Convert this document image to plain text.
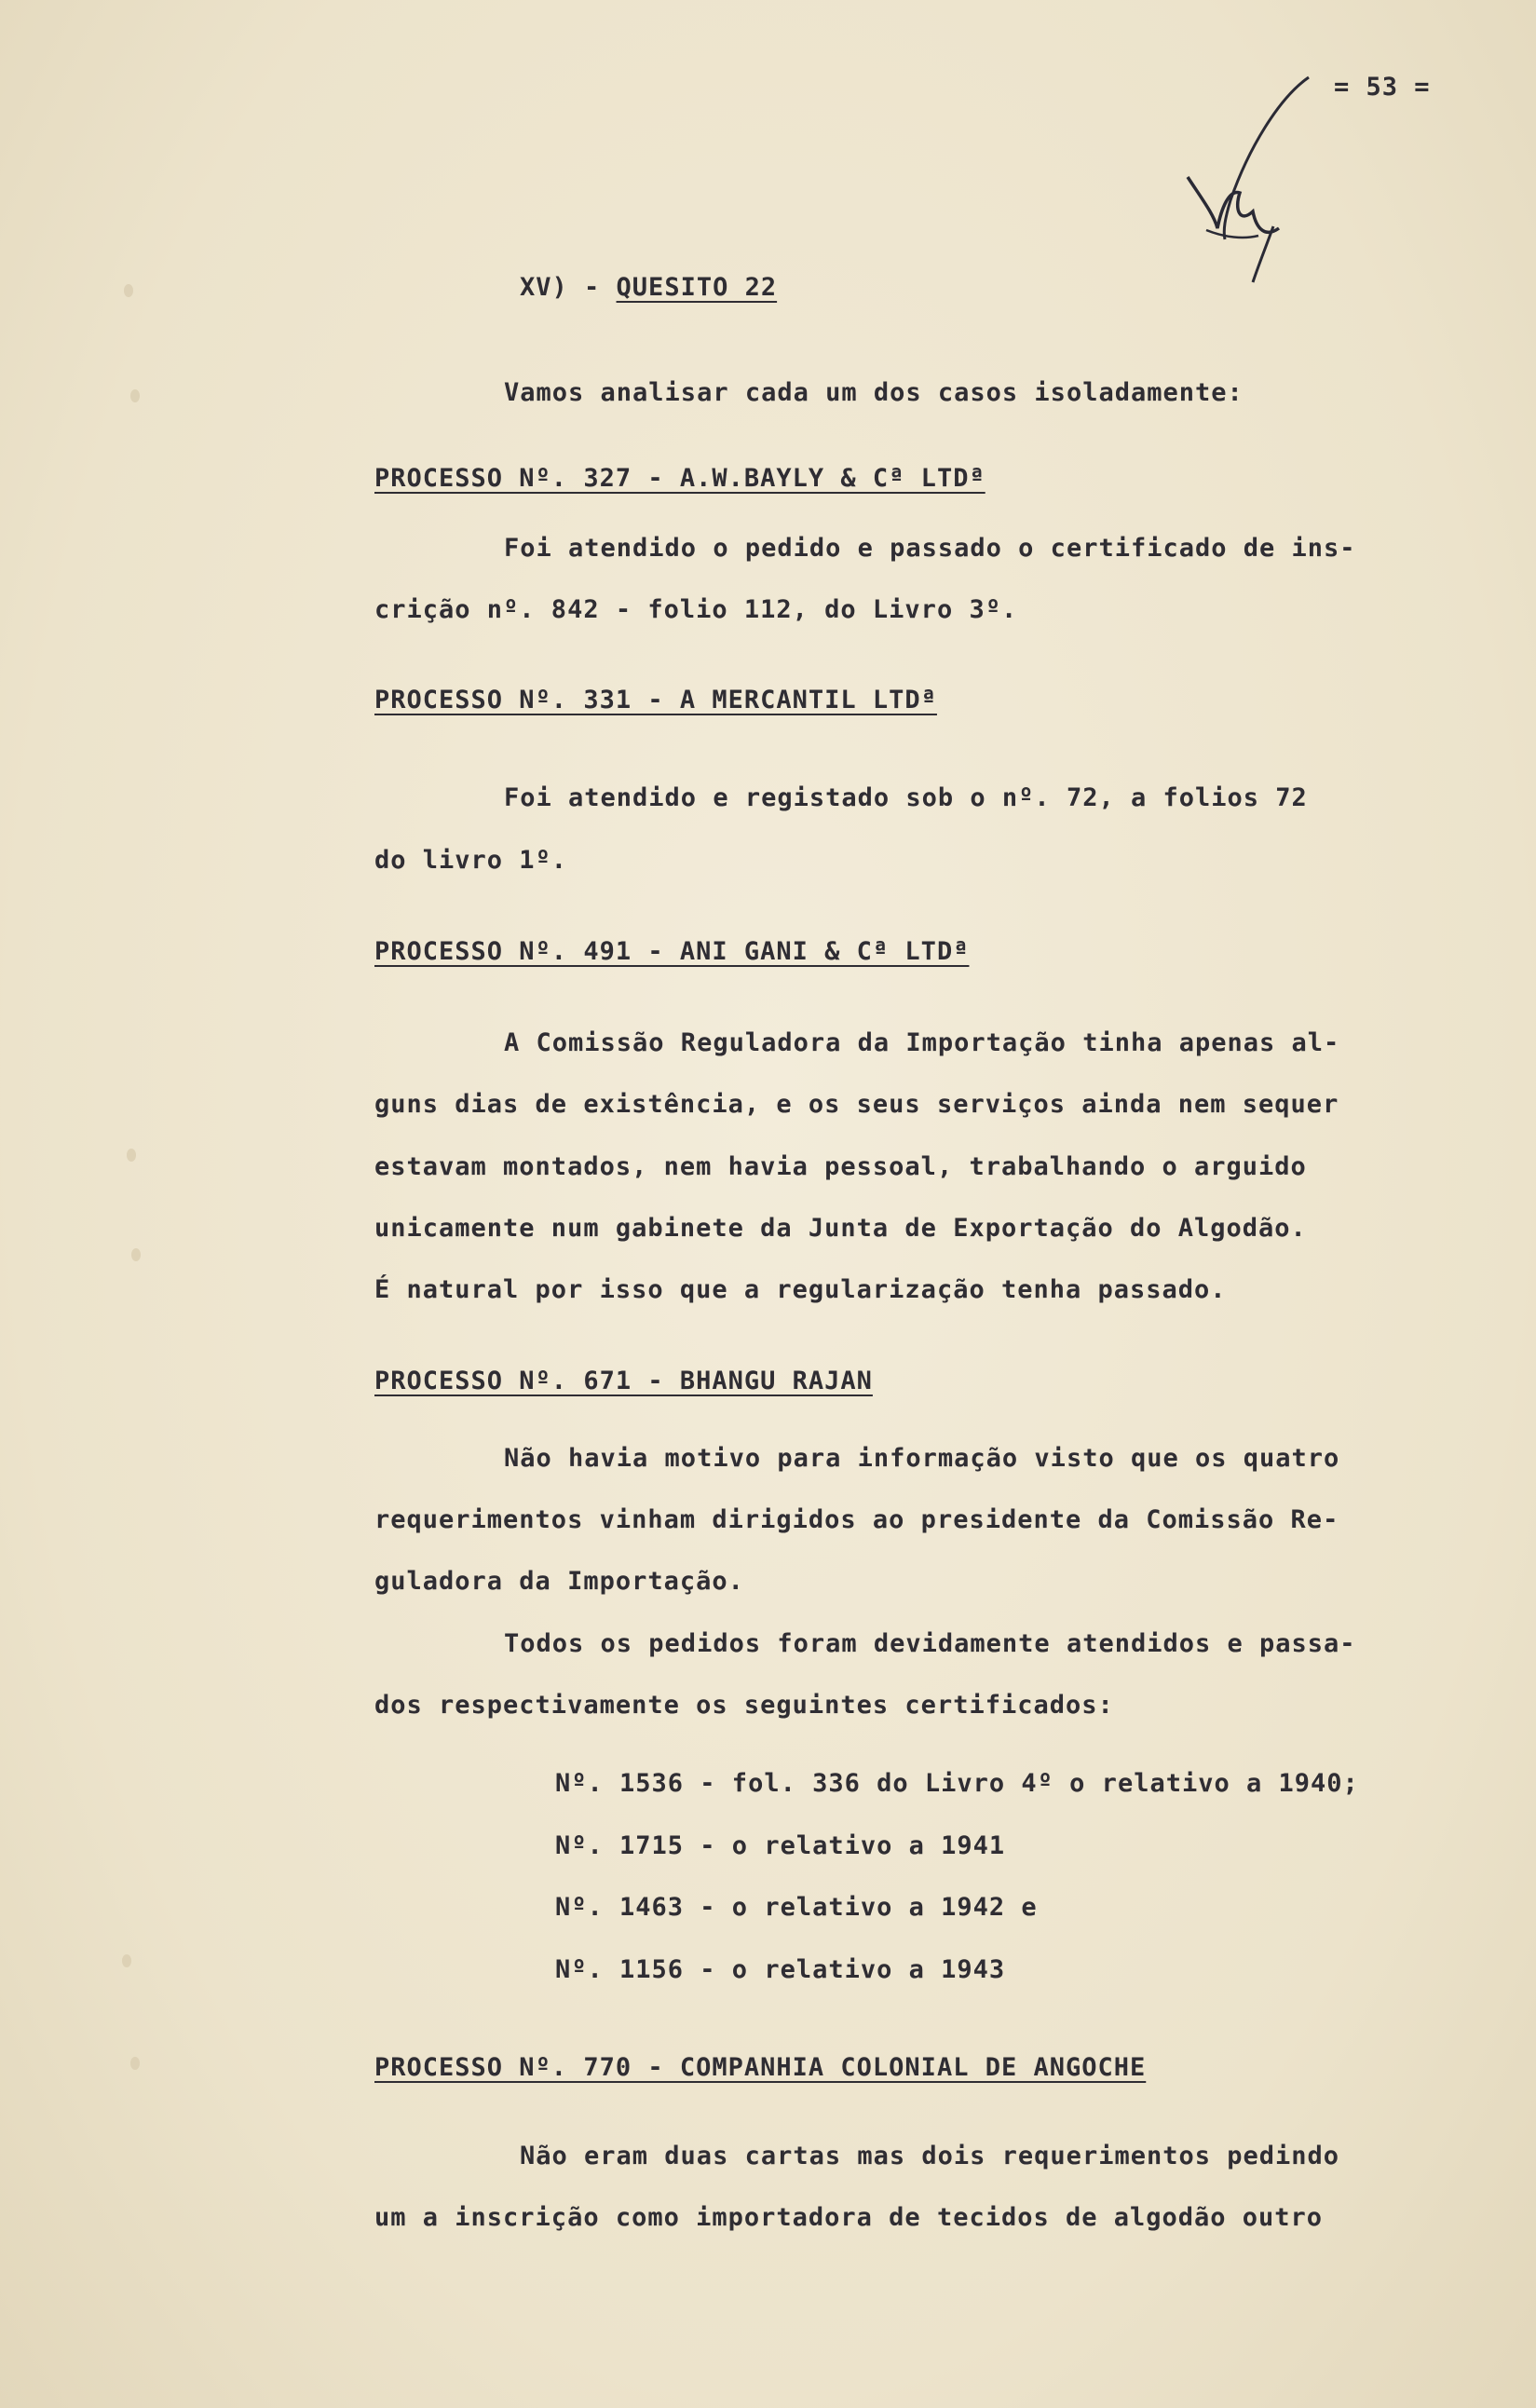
= 53 =
XV) - QUESITO 22
Vamos analisar cada um dos casos isoladamente:
PROCESSO Nº. 327 - A.W.BAYLY & Cª LTDª
Foi atendido o pedido e passado o certificado de ins-
crição nº. 842 - folio 112, do Livro 3º.
PROCESSO Nº. 331 - A MERCANTIL LTDª
Foi atendido e registado sob o nº. 72, a folios 72
do livro 1º.
PROCESSO Nº. 491 - ANI GANI & Cª LTDª
A Comissão Reguladora da Importação tinha apenas al-
guns dias de existência, e os seus serviços ainda nem sequer
estavam montados, nem havia pessoal, trabalhando o arguido
unicamente num gabinete da Junta de Exportação do Algodão.
É natural por isso que a regularização tenha passado.
PROCESSO Nº. 671 - BHANGU RAJAN
Não havia motivo para informação visto que os quatro
requerimentos vinham dirigidos ao presidente da Comissão Re-
guladora da Importação.
Todos os pedidos foram devidamente atendidos e passa-
dos respectivamente os seguintes certificados:
Nº. 1536 - fol. 336 do Livro 4º o relativo a 1940;
Nº. 1715 - o relativo a 1941
Nº. 1463 - o relativo a 1942 e
Nº. 1156 - o relativo a 1943
PROCESSO Nº. 770 - COMPANHIA COLONIAL DE ANGOCHE
Não eram duas cartas mas dois requerimentos pedindo
um a inscrição como importadora de tecidos de algodão outro
